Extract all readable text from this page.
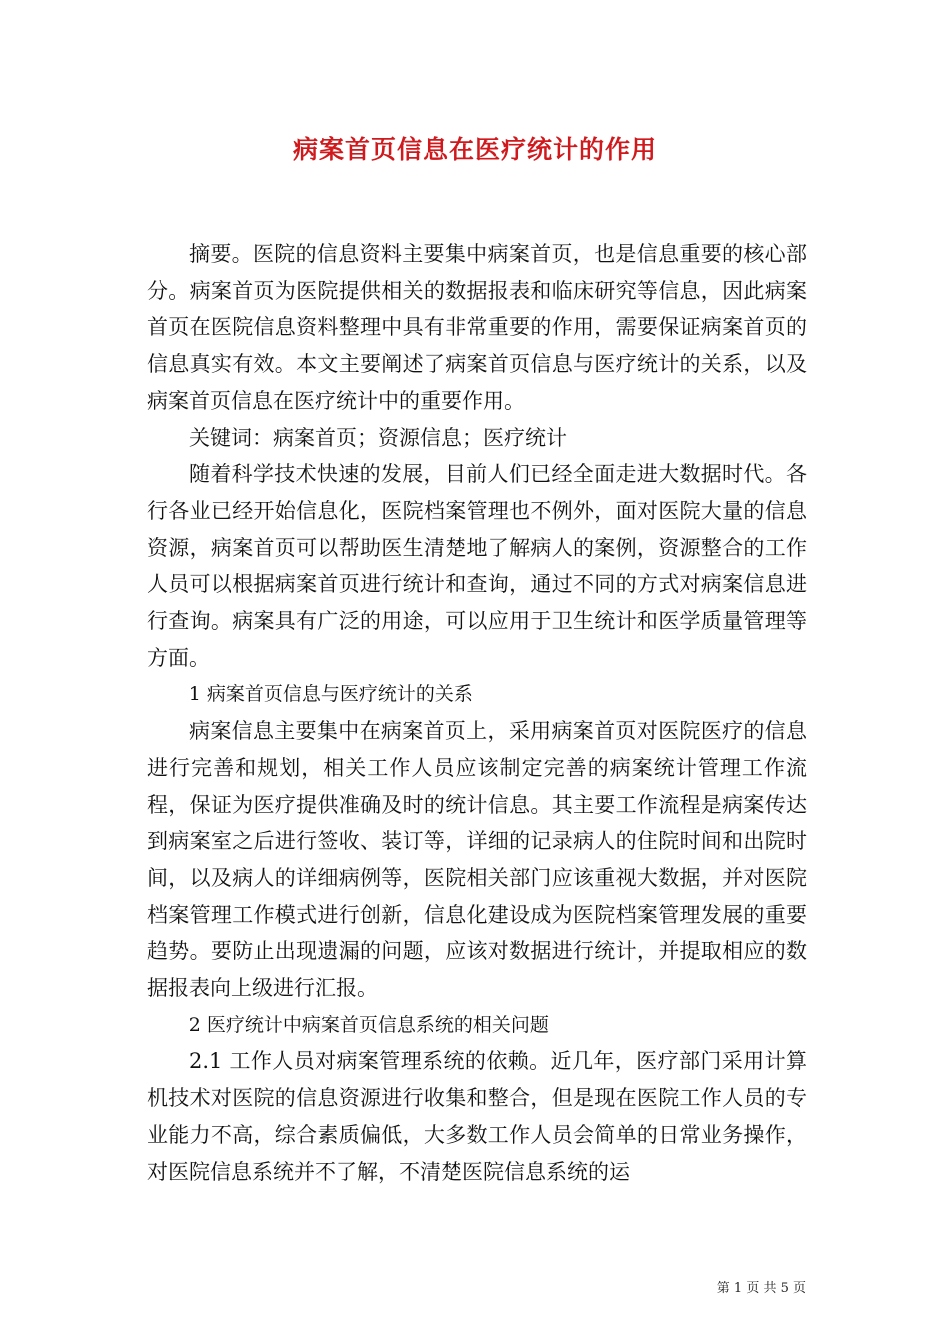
病案首页信息在医疗统计的作用

摘要。医院的信息资料主要集中病案首页，也是信息重要的核心部分。病案首页为医院提供相关的数据报表和临床研究等信息，因此病案首页在医院信息资料整理中具有非常重要的作用，需要保证病案首页的信息真实有效。本文主要阐述了病案首页信息与医疗统计的关系，以及病案首页信息在医疗统计中的重要作用。

关键词：病案首页；资源信息；医疗统计

随着科学技术快速的发展，目前人们已经全面走进大数据时代。各行各业已经开始信息化，医院档案管理也不例外，面对医院大量的信息资源，病案首页可以帮助医生清楚地了解病人的案例，资源整合的工作人员可以根据病案首页进行统计和查询，通过不同的方式对病案信息进行查询。病案具有广泛的用途，可以应用于卫生统计和医学质量管理等方面。

1 病案首页信息与医疗统计的关系

病案信息主要集中在病案首页上，采用病案首页对医院医疗的信息进行完善和规划，相关工作人员应该制定完善的病案统计管理工作流程，保证为医疗提供准确及时的统计信息。其主要工作流程是病案传达到病案室之后进行签收、装订等，详细的记录病人的住院时间和出院时间，以及病人的详细病例等，医院相关部门应该重视大数据，并对医院档案管理工作模式进行创新，信息化建设成为医院档案管理发展的重要趋势。要防止出现遗漏的问题，应该对数据进行统计，并提取相应的数据报表向上级进行汇报。

2 医疗统计中病案首页信息系统的相关问题

2.1 工作人员对病案管理系统的依赖。近几年，医疗部门采用计算机技术对医院的信息资源进行收集和整合，但是现在医院工作人员的专业能力不高，综合素质偏低，大多数工作人员会简单的日常业务操作，对医院信息系统并不了解，不清楚医院信息系统的运

第 1 页 共 5 页
